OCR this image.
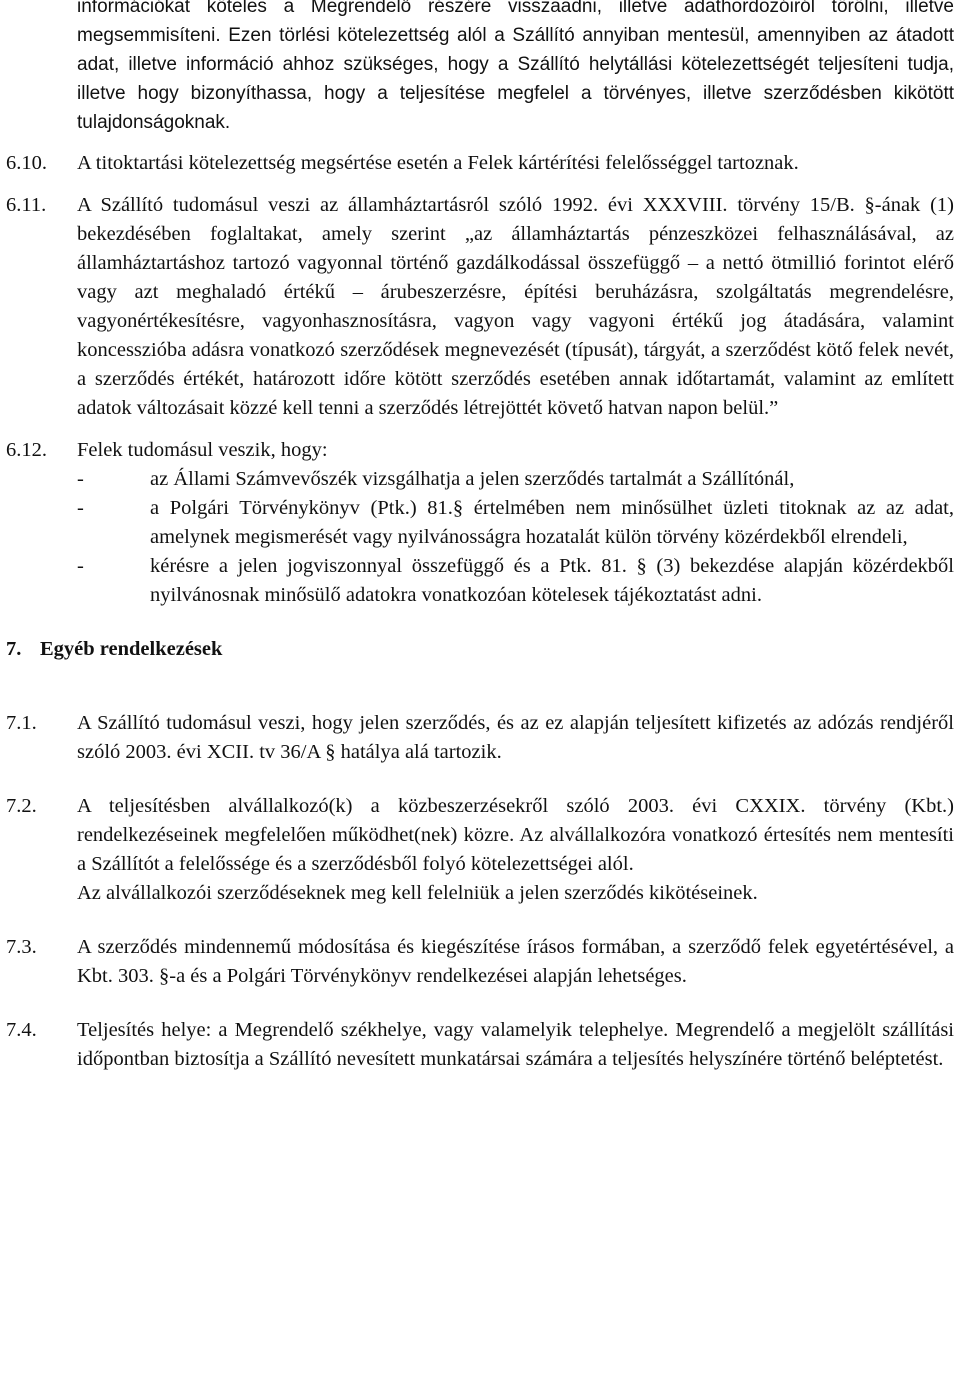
információkat köteles a Megrendelő részére visszaadni, illetve adathordozóiról törölni, illetve megsemmisíteni. Ezen törlési kötelezettség alól a Szállító annyiban mentesül, amennyiben az átadott adat, illetve információ ahhoz szükséges, hogy a Szállító helytállási kötelezettségét teljesíteni tudja, illetve hogy bizonyíthassa, hogy a teljesítése megfelel a törvényes, illetve szerződésben kikötött tulajdonságoknak.

6.10. A titoktartási kötelezettség megsértése esetén a Felek kártérítési felelősséggel tartoznak.
6.11. A Szállító tudomásul veszi az államháztartásról szóló 1992. évi XXXVIII. törvény 15/B. §-ának (1) bekezdésében foglaltakat, amely szerint „az államháztartás pénzeszközei felhasználásával, az államháztartáshoz tartozó vagyonnal történő gazdálkodással összefüggő – a nettó ötmillió forintot elérő vagy azt meghaladó értékű – árubeszerzésre, építési beruházásra, szolgáltatás megrendelésre, vagyonértékesítésre, vagyonhasznosításra, vagyon vagy vagyoni értékű jog átadására, valamint koncesszióba adásra vonatkozó szerződések megnevezését (típusát), tárgyát, a szerződést kötő felek nevét, a szerződés értékét, határozott időre kötött szerződés esetében annak időtartamát, valamint az említett adatok változásait közzé kell tenni a szerződés létrejöttét követő hatvan napon belül.”
6.12. Felek tudomásul veszik, hogy:
-	az Állami Számvevőszék vizsgálhatja a jelen szerződés tartalmát a Szállítónál,
-	a Polgári Törvénykönyv (Ptk.) 81.§ értelmében nem minősülhet üzleti titoknak az az adat, amelynek megismerését vagy nyilvánosságra hozatalát külön törvény közérdekből elrendeli,
-	kérésre a jelen jogviszonnyal összefüggő és a Ptk. 81. § (3) bekezdése alapján közérdekből nyilvánosnak minősülő adatokra vonatkozóan kötelesek tájékoztatást adni.
7. Egyéb rendelkezések
7.1. A Szállító tudomásul veszi, hogy jelen szerződés, és az ez alapján teljesített kifizetés az adózás rendjéről szóló 2003. évi XCII. tv 36/A § hatálya alá tartozik.
7.2. A teljesítésben alvállalkozó(k) a közbeszerzésekről szóló 2003. évi CXXIX. törvény (Kbt.) rendelkezéseinek megfelelően működhet(nek) közre. Az alvállalkozóra vonatkozó értesítés nem mentesíti a Szállítót a felelőssége és a szerződésből folyó kötelezettségei alól.
Az alvállalkozói szerződéseknek meg kell felelniük a jelen szerződés kikötéseinek.
7.3. A szerződés mindennemű módosítása és kiegészítése írásos formában, a szerződő felek egyetértésével, a Kbt. 303. §-a és a Polgári Törvénykönyv rendelkezései alapján lehetséges.
7.4. Teljesítés helye: a Megrendelő székhelye, vagy valamelyik telephelye. Megrendelő a megjelölt szállítási időpontban biztosítja a Szállító nevesített munkatársai számára a teljesítés helyszínére történő beléptetést.
